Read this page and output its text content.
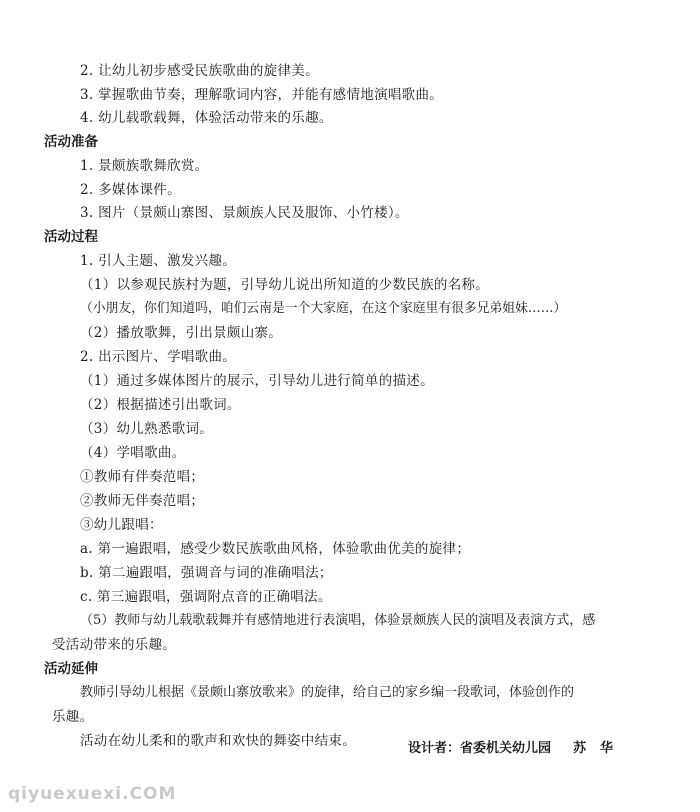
2. 让幼儿初步感受民族歌曲的旋律美。
3. 掌握歌曲节奏，理解歌词内容，并能有感情地演唱歌曲。
4. 幼儿载歌载舞，体验活动带来的乐趣。
活动准备
1. 景颇族歌舞欣赏。
2. 多媒体课件。
3. 图片（景颇山寨图、景颇族人民及服饰、小竹楼）。
活动过程
1. 引人主题、激发兴趣。
（1）以参观民族村为题，引导幼儿说出所知道的少数民族的名称。
（小朋友，你们知道吗，咱们云南是一个大家庭，在这个家庭里有很多兄弟姐妹……）
（2）播放歌舞，引出景颇山寨。
2. 出示图片、学唱歌曲。
（1）通过多媒体图片的展示，引导幼儿进行简单的描述。
（2）根据描述引出歌词。
（3）幼儿熟悉歌词。
（4）学唱歌曲。
①教师有伴奏范唱；
②教师无伴奏范唱；
③幼儿跟唱：
a. 第一遍跟唱，感受少数民族歌曲风格，体验歌曲优美的旋律；
b. 第二遍跟唱，强调音与词的准确唱法；
c. 第三遍跟唱，强调附点音的正确唱法。
（5）教师与幼儿载歌载舞并有感情地进行表演唱，体验景颇族人民的演唱及表演方式，感
受活动带来的乐趣。
活动延伸
教师引导幼儿根据《景颇山寨放歌来》的旋律，给自己的家乡编一段歌词，体验创作的
乐趣。
活动在幼儿柔和的歌声和欢快的舞姿中结束。	设计者：省委机关幼儿园 苏华
qiyuexuexi.COM
